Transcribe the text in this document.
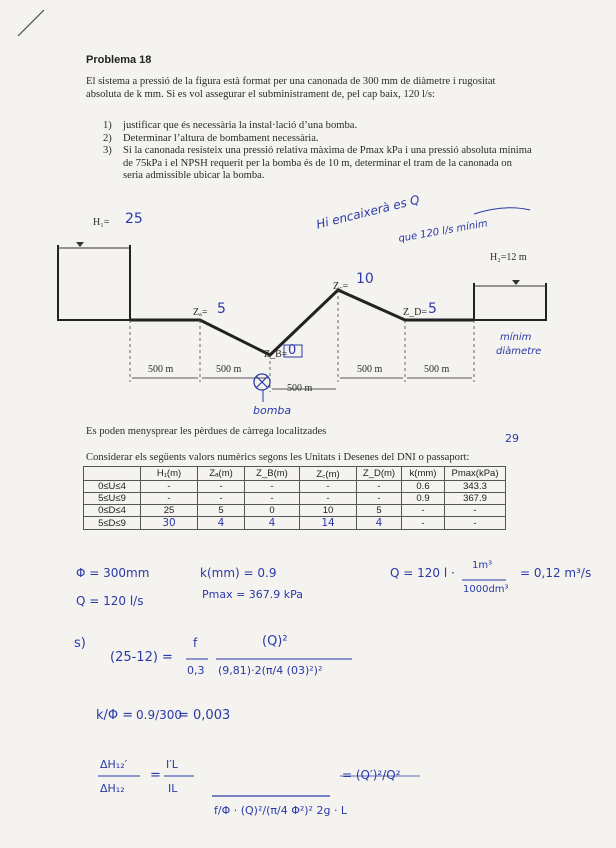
Problema 18
El sistema a pressió de la figura està format per una canonada de 300 mm de diàmetre i rugositat absoluta de k mm. Si es vol assegurar el subministrament de, pel cap baix, 120 l/s:
1) justificar que és necessària la instal·lació d’una bomba.
2) Determinar l’altura de bombament necessària.
3) Si la canonada resisteix una pressió relativa màxima de Pmax kPa i una pressió absoluta mínima de 75kPa i el NPSH requerit per la bomba és de 10 m, determinar el tram de la canonada on seria admissible ubicar la bomba.
H₁= 25
H₂=12 m
Zₐ= 5
Z_B= 0
Z꜀= 10
Z_D= 5
500 m	500 m
500 m
500 m	500 m
Hi encaixerà es Q
que 120 l/s mínim
mínim
diàmetre
bomba
Es poden menysprear les pèrdues de càrrega localitzades
29
Considerar els següents valors numèrics segons les Unitats i Desenes del DNI o passaport:
	H₁(m)	Zₐ(m)	Z_B(m)	Z꜀(m)	Z_D(m)	k(mm)	Pmax(kPa)
0≤U≤4	-	-	-	-	-	0.6	343.3
5≤U≤9	-	-	-	-	-	0.9	367.9
0≤D≤4	25	5	0	10	5	-	-
5≤D≤9	30	4	4	14	4	-	-
Φ = 300mm	k(mm) = 0.9	Q = 120 l ·
1m³
1000dm³
= 0,12 m³/s
Q = 120 l/s	Pmax = 367.9 kPa
s)
(25-12) =
f
0,3
(Q)²
(9,81)·2(π/4 (03)²)²
k/Φ = 0.9/300
= 0,003
ΔH₁₂′
ΔH₁₂
=
I′L
IL
= (Q′)²/Q²
f/Φ · (Q)²/(π/4 Φ²)² 2g · L
